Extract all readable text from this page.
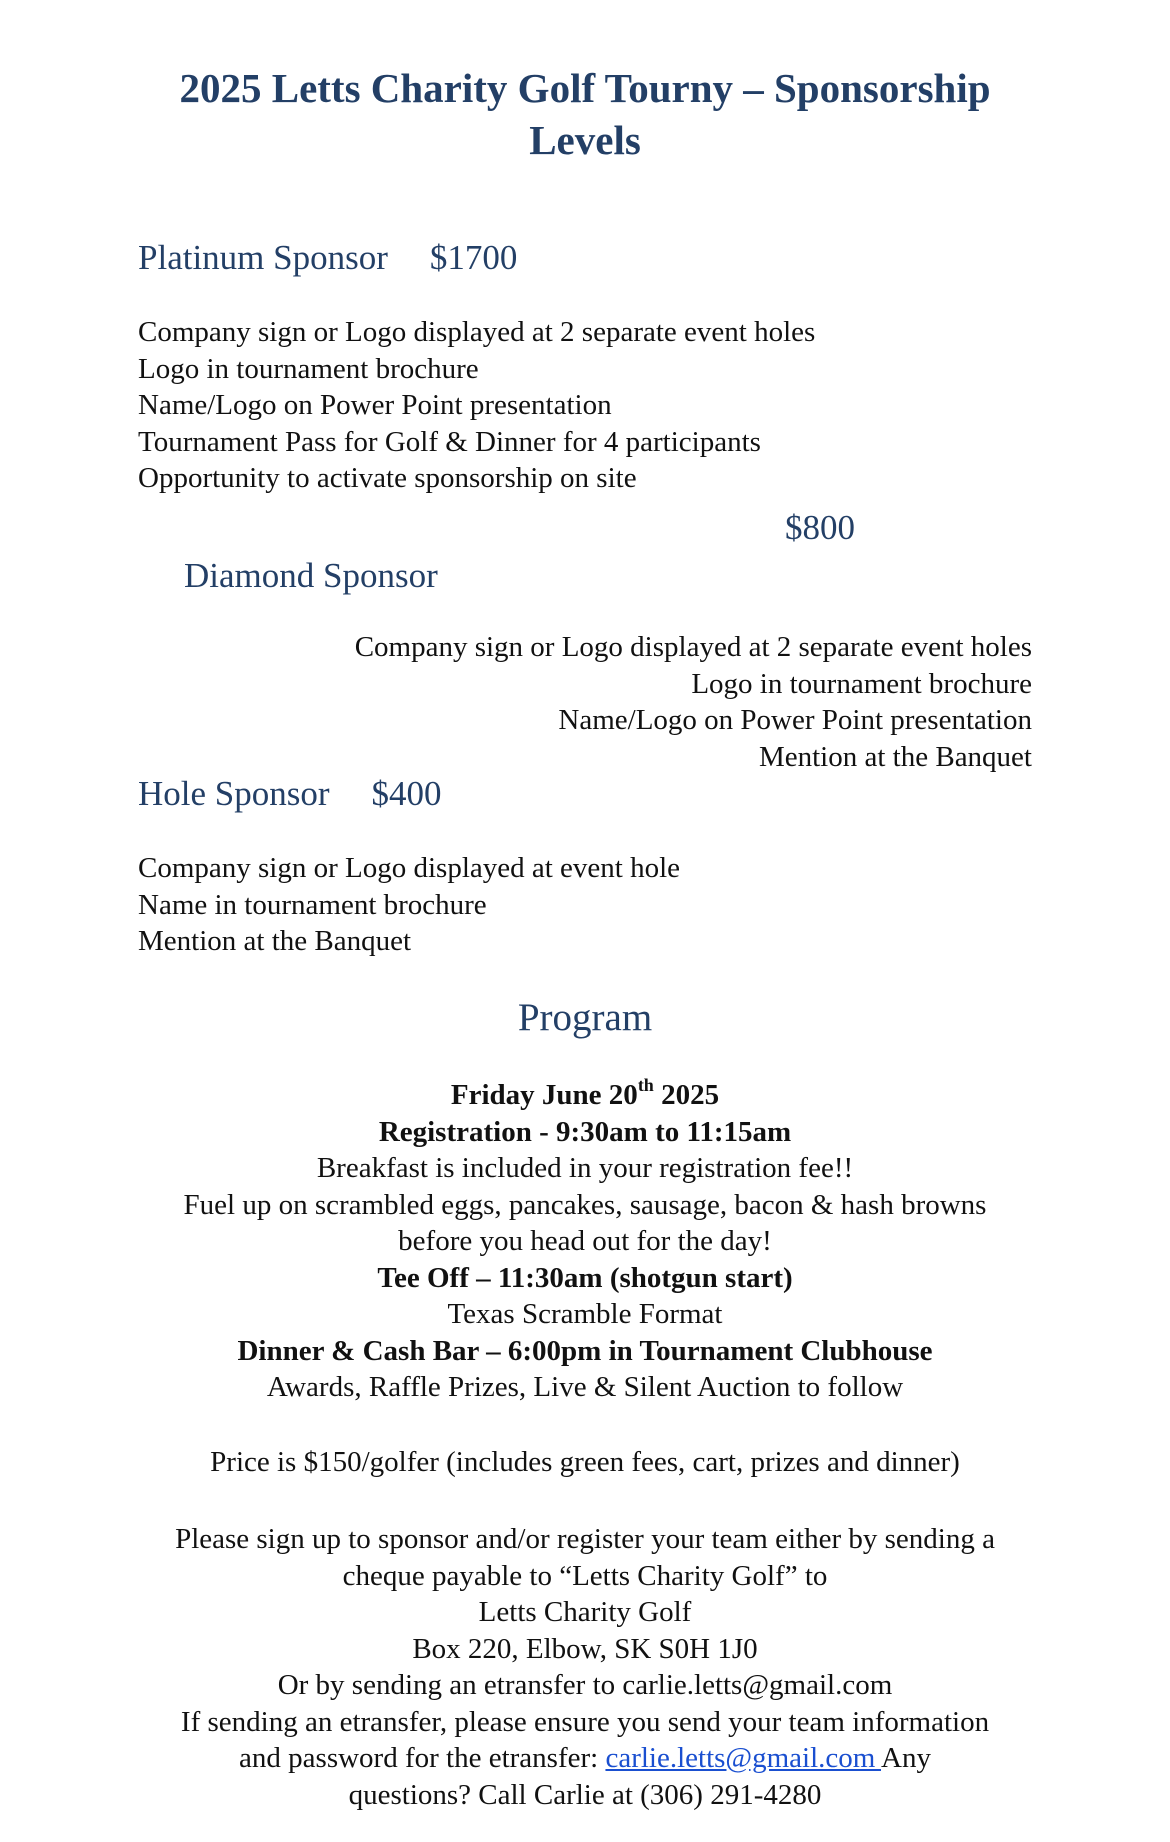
2025 Letts Charity Golf Tourny – Sponsorship
Levels
Platinum Sponsor $1700
Company sign or Logo displayed at 2 separate event holes
Logo in tournament brochure
Name/Logo on Power Point presentation
Tournament Pass for Golf & Dinner for 4 participants
Opportunity to activate sponsorship on site
$800
Diamond Sponsor
Company sign or Logo displayed at 2 separate event holes
Logo in tournament brochure
Name/Logo on Power Point presentation
Mention at the Banquet
Hole Sponsor $400
Company sign or Logo displayed at event hole
Name in tournament brochure
Mention at the Banquet
Program
Friday June 20th 2025
Registration - 9:30am to 11:15am
Breakfast is included in your registration fee!!
Fuel up on scrambled eggs, pancakes, sausage, bacon & hash browns
before you head out for the day!
Tee Off – 11:30am (shotgun start)
Texas Scramble Format
Dinner & Cash Bar – 6:00pm in Tournament Clubhouse
Awards, Raffle Prizes, Live & Silent Auction to follow
Price is $150/golfer (includes green fees, cart, prizes and dinner)
Please sign up to sponsor and/or register your team either by sending a
cheque payable to “Letts Charity Golf” to
Letts Charity Golf
Box 220, Elbow, SK S0H 1J0
Or by sending an etransfer to carlie.letts@gmail.com
If sending an etransfer, please ensure you send your team information
and password for the etransfer: carlie.letts@gmail.com Any
questions? Call Carlie at (306) 291-4280
